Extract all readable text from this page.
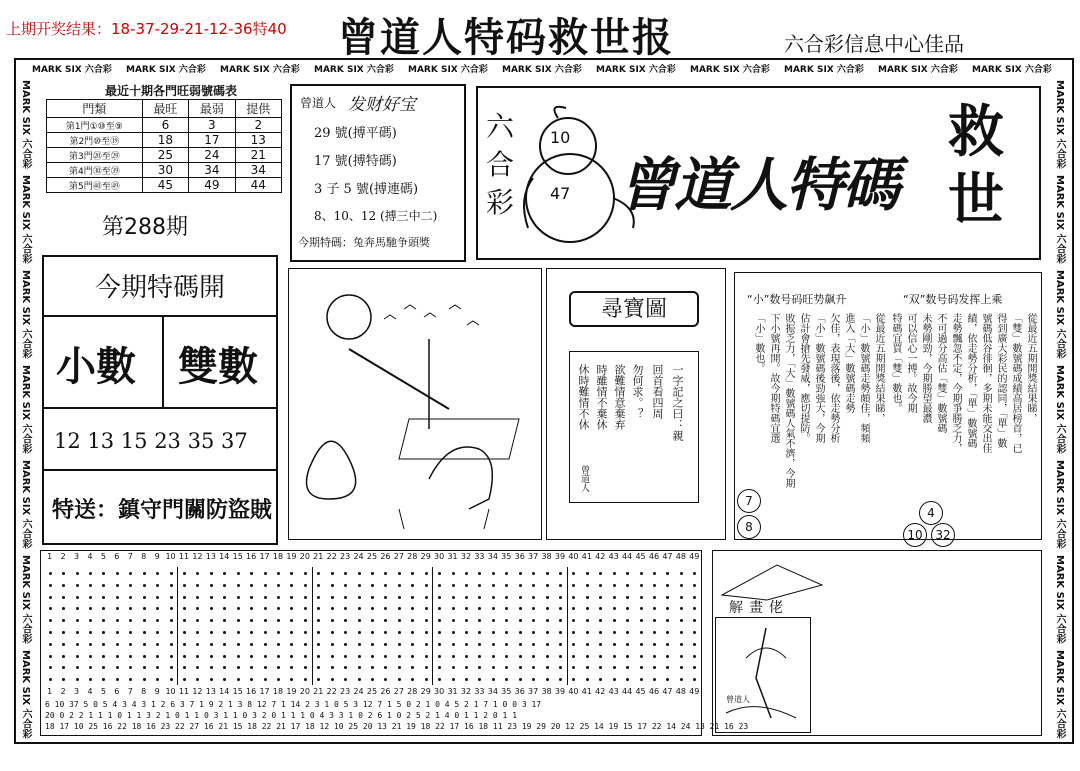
上期开奖结果：18-37-29-21-12-36特40 曾道人特码救世报	六合彩信息中心佳品
MARK SIX 六合彩 MARK SIX 六合彩 MARK SIX 六合彩 MARK SIX 六合彩 MARK SIX 六合彩 MARK SIX 六合彩 MARK SIX 六合彩 MARK SIX 六合彩 MARK SIX 六合彩 MARK SIX 六合彩 MARK SIX 六合彩
MARK SIX 六合彩
MARK SIX 六合彩
MARK SIX 六合彩
MARK SIX 六合彩
MARK SIX 六合彩
MARK SIX 六合彩
MARK SIX 六合彩
MARK SIX 六合彩
MARK SIX 六合彩
MARK SIX 六合彩
MARK SIX 六合彩
MARK SIX 六合彩
MARK SIX 六合彩
MARK SIX 六合彩
最近十期各門旺弱號碼表
門類	最旺	最弱	提供
第1門①⑩至⑨	6	3	2
第2門⑩至⑲	18	17	13
第3門⑳至㉙	25	24	21
第4門㉚至㊴	30	34	34
第5門㊵至㊾	45	49	44
第288期
今期特碼開
小數 雙數
12 13 15 23 35 37
特送：鎮守門關防盜賊
曾道人 发财好宝
29 號(搏平碼)
17 號(搏特碼)
3 子 5 號(搏連碼)
8、10、12 (搏三中二)
今期特碼：兔奔馬馳争頭獎
六合彩
10
47 曾道人特碼
救世
尋寶圖
休時難情不休 時雖情不棄休 欲難情意棄弃 勿何求。？ 回首看四周 一字記之曰：親
曾道人
“小”数号码旺势飙升	“双”数号码发挥上乘
從最近五期開獎結果睇，
「小」數號碼走勢頗佳，頻頻
進入「大」數號碼走勢
欠佳，表現落後，依走勢分析
「小」數號碼後勁強大，今期
估計會搶先發威，應切提防。
敗振乏力，「大」數號碼人氣不濟，今期
下小號再開。故今期特碼宜選
「小」數也。	從最近五期開獎結果睇，
「雙」數號碼成績高居榜首，已
得到廣大彩民的認同，「單」數
號碼低谷徘徊，多期未能交出佳
績，依走勢分析，「單」數號碼
走勢飄忽不定，今期爭勝乏力，
不可過分高估「雙」數號碼
未勢剛勁，今期勝望最濃
可以信心一搏。故今期
特碼宜買「雙」數也。
7
8
4
10	32
1	2	3	4	5	6	7	8	9 10 11 12 13 14 15 16 17 18 19 20 21 22 23 24 25 26 27 28 29 30 31 32 33 34 35 36 37 38 39 40 41 42 43 44 45 46 47 48 49
1	2	3	4	5	6	7	8	9 10 11 12 13 14 15 16 17 18 19 20 21 22 23 24 25 26 27 28 29 30 31 32 33 34 35 36 37 38 39 40 41 42 43 44 45 46 47 48 49
6 10 37 5 0 5 4 3 4 3 1 2 6 3 7 1 9 2 1 3 8 12 7 1 14 2 3 1 0 5 3 12 7 1 5 0 2 1 0 4 5 2 1 7 1 0 0 3 17
20 0 2 2 1 1 1 0 1 1 3 2 1 0 1 1 0 3 1 1 0 3 2 0 1 1 1 0 4 3 3 1 0 2 6 1 0 2 5 2 1 4 0 1 1 2 0 1 1
18 17 10 25 16 22 18 16 23 22 27 16 21 15 18 22 21 17 18 12 10 25 20 13 21 19 18 22 17 16 18 11 23 19 29 20 12 25 14 19 15 17 22 14 24 13 21 16 23
解畫佬
曾道人
